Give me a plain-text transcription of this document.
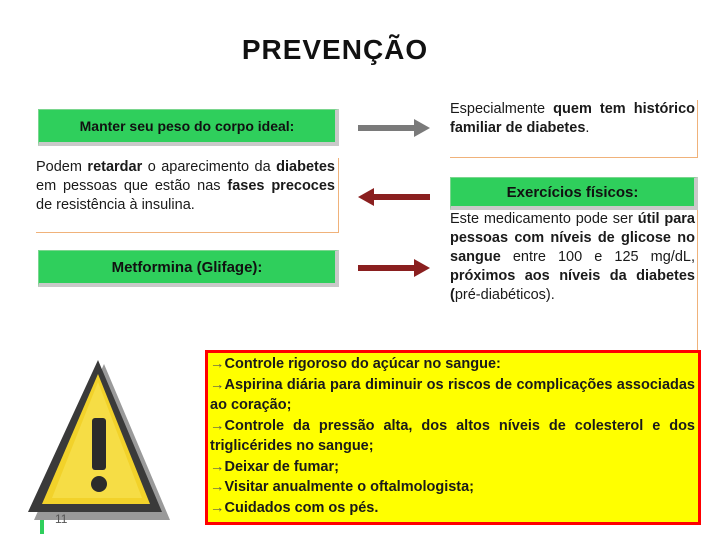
PREVENÇÃO
Manter seu peso do corpo ideal:
Podem retardar o aparecimento da diabetes em pessoas que estão nas fases precoces de resistência à insulina.
Metformina (Glifage):
Especialmente quem tem histórico familiar de diabetes.
Exercícios físicos:
Este medicamento pode ser útil para pessoas com níveis de glicose no sangue entre 100 e 125 mg/dL, próximos aos níveis da diabetes (pré-diabéticos).
→Controle rigoroso do açúcar no sangue:
→Aspirina diária para diminuir os riscos de complicações associadas ao coração;
→Controle da pressão alta, dos altos níveis de colesterol e dos triglicérides no sangue;
→Deixar de fumar;
→Visitar anualmente o oftalmologista;
→Cuidados com os pés.
11
